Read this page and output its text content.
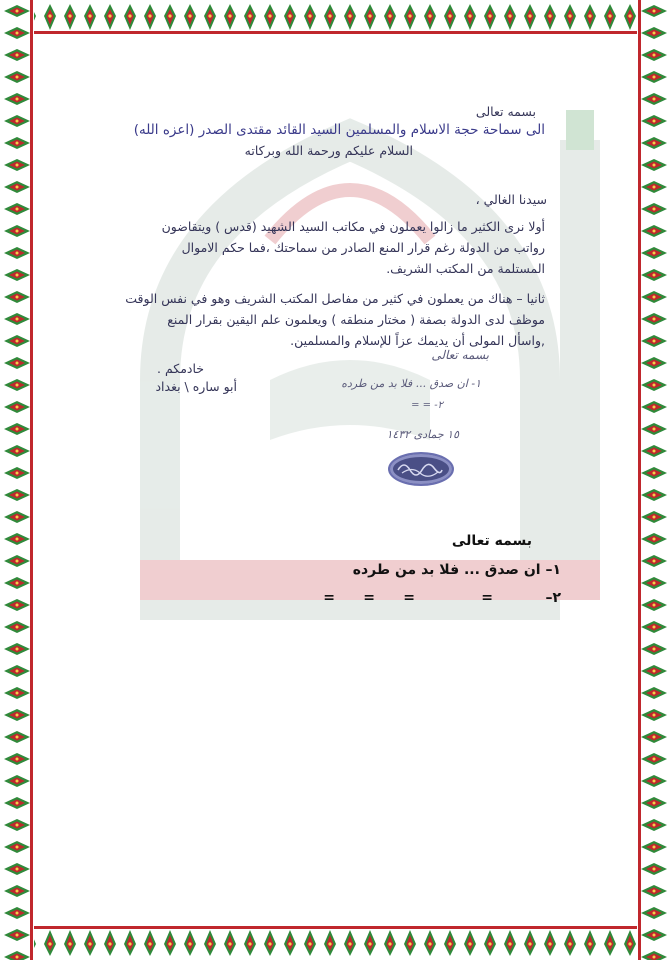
بسمه تعالى
الى سماحة حجة الاسلام والمسلمين السيد القائد مقتدى الصدر (اعزه الله)
السلام عليكم ورحمة الله وبركاته
سيدنا الغالي ،
أولا نرى الكثير ما زالوا يعملون في مكاتب السيد الشهيد (قدس ) ويتقاضون
رواتب من الدولة رغم قرار المنع الصادر من سماحتك ،فما حكم الاموال
المستلمة من المكتب الشريف.
ثانيا – هناك من يعملون في كثير من مفاصل المكتب الشريف وهو في نفس الوقت
موظف لدى الدولة بصفة ( مختار منطقه ) ويعلمون علم اليقين بقرار المنع
,واسأل المولى أن يديمك عزاً للإسلام والمسلمين.
خادمكم .
أبو ساره \ بغداد
بسمه تعالى
١- ان صدق ... فلا بد من طرده
٢- = =
١٥ جمادى ١٤٣٢
بسمه تعالى
١– ان صدق ... فلا بد من طرده
٢–
=
=
=
=
